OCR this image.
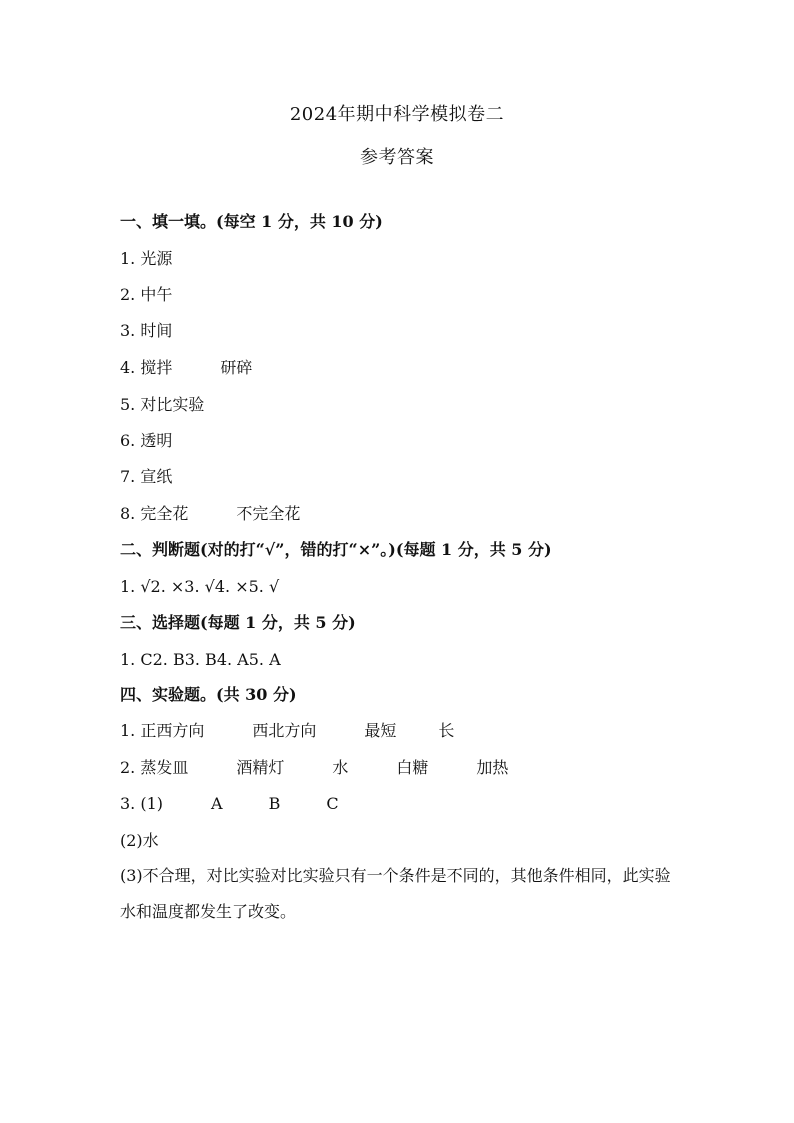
2024年期中科学模拟卷二
参考答案
一、填一填。(每空 1 分，共 10 分)
1. 光源
2. 中午
3. 时间
4. 搅拌	研碎
5. 对比实验
6. 透明
7. 宣纸
8. 完全花	不完全花
二、判断题(对的打“√”，错的打“×”。)(每题 1 分，共 5 分)
1. √2. ×3. √4. ×5. √
三、选择题(每题 1 分，共 5 分)
1. C2. B3. B4. A5. A
四、实验题。(共 30 分)
1. 正西方向	西北方向	最短	长
2. 蒸发皿	酒精灯	水	白糖	加热
3. (1)	A	B	C
(2)水
(3)不合理，对比实验对比实验只有一个条件是不同的，其他条件相同，此实验水和温度都发生了改变。
